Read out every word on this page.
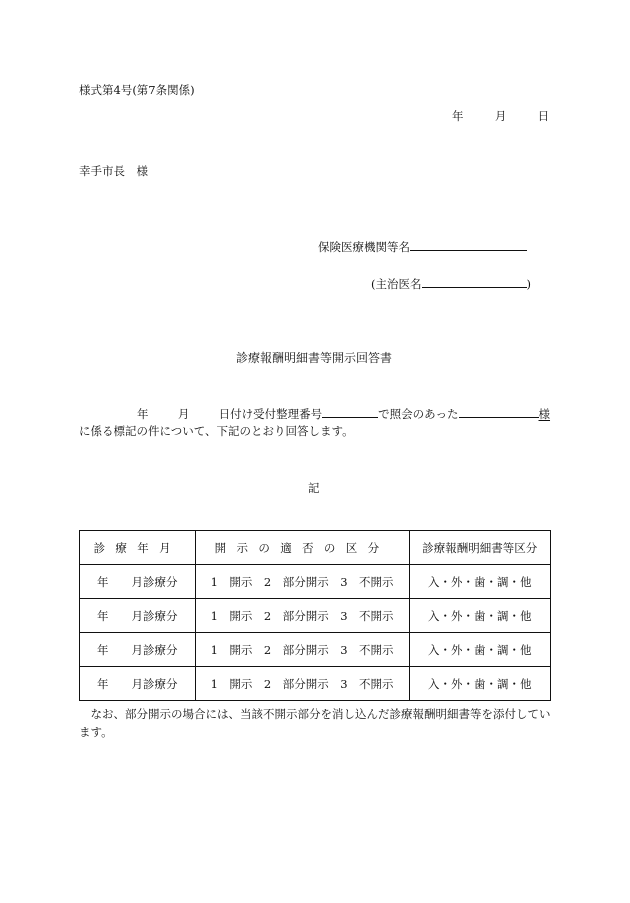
様式第4号(第7条関係)
年	月	日
幸手市長　様
保険医療機関等名
(主治医名	)
診療報酬明細書等開示回答書
年	月	日付け受付整理番号	で照会のあった	様
に係る標記の件について、下記のとおり回答します。
記
診療年月	開示の適否の区分	診療報酬明細書等区分
年　　月診療分	1　開示　2　部分開示　3　不開示	入・外・歯・調・他
年　　月診療分	1　開示　2　部分開示　3　不開示	入・外・歯・調・他
年　　月診療分	1　開示　2　部分開示　3　不開示	入・外・歯・調・他
年　　月診療分	1　開示　2　部分開示　3　不開示	入・外・歯・調・他
　なお、部分開示の場合には、当該不開示部分を消し込んだ診療報酬明細書等を添付しています。
